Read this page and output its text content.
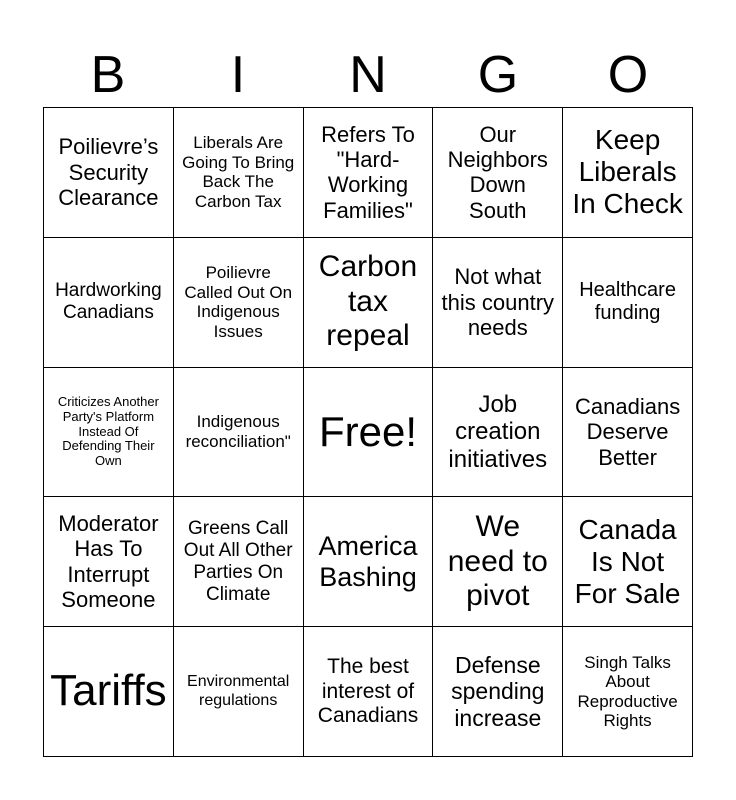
B	I	N	G	O
Poilievre’s Security Clearance
Liberals Are Going To Bring Back The Carbon Tax
Refers To "Hard-Working Families"
Our Neighbors Down South
Keep Liberals In Check
Hardworking Canadians
Poilievre Called Out On Indigenous Issues
Carbon tax repeal
Not what this country needs
Healthcare funding
Criticizes Another Party's Platform Instead Of Defending Their Own
Indigenous reconciliation" Free!
Job creation initiatives
Canadians Deserve Better
Moderator Has To Interrupt Someone
Greens Call Out All Other Parties On Climate
America Bashing
We need to pivot
Canada Is Not For Sale
Tariffs	Environmental regulations
The best interest of Canadians
Defense spending increase
Singh Talks About Reproductive Rights
